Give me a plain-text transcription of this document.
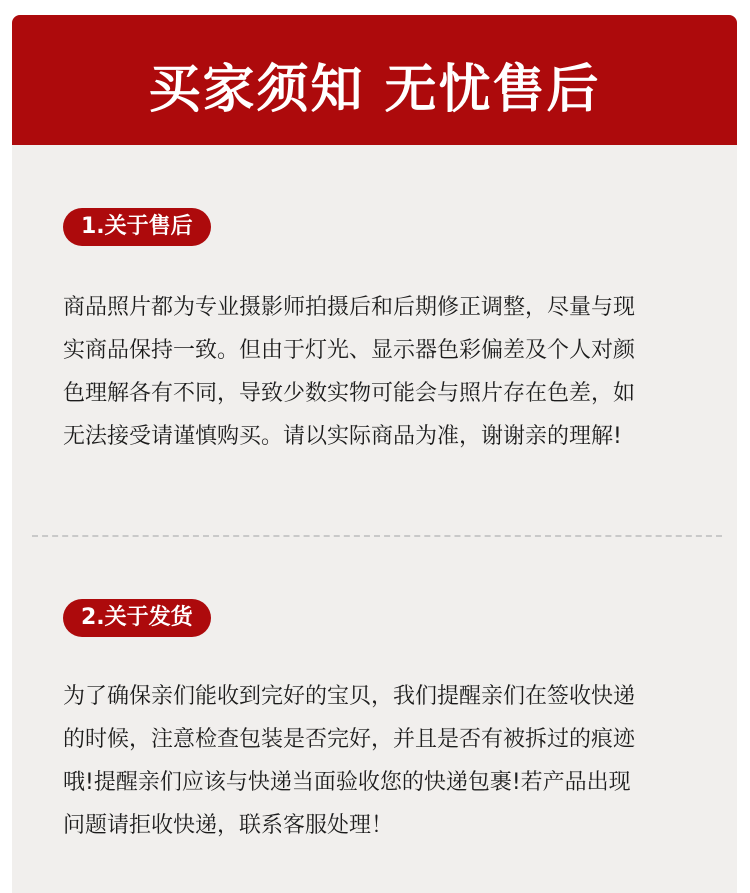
买家须知 无忧售后
1.关于售后

商品照片都为专业摄影师拍摄后和后期修正调整，尽量与现

实商品保持一致。但由于灯光、显示器色彩偏差及个人对颜

色理解各有不同，导致少数实物可能会与照片存在色差，如

无法接受请谨慎购买。请以实际商品为准，谢谢亲的理解!

2.关于发货

为了确保亲们能收到完好的宝贝，我们提醒亲们在签收快递

的时候，注意检查包装是否完好，并且是否有被拆过的痕迹

哦!提醒亲们应该与快递当面验收您的快递包裹!若产品出现

问题请拒收快递，联系客服处理！
